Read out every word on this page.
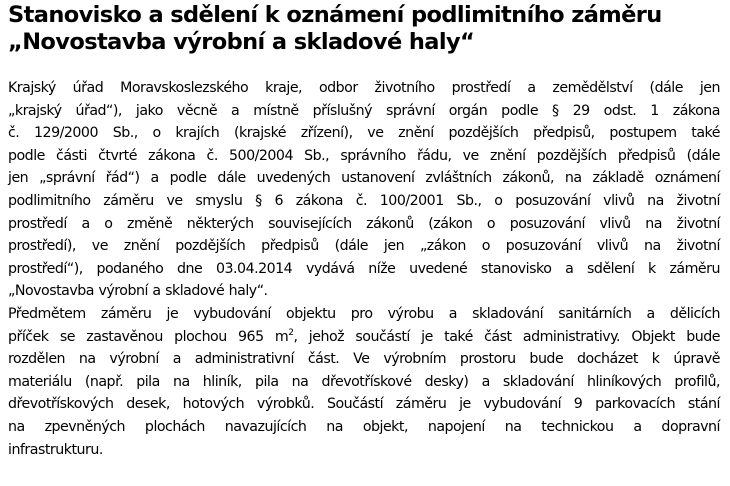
Stanovisko a sdělení k oznámení podlimitního záměru
„Novostavba výrobní a skladové haly“

Krajský úřad Moravskoslezského kraje, odbor životního prostředí a zemědělství (dále jen
„krajský úřad“), jako věcně a místně příslušný správní orgán podle § 29 odst. 1 zákona
č. 129/2000 Sb., o krajích (krajské zřízení), ve znění pozdějších předpisů, postupem také
podle části čtvrté zákona č. 500/2004 Sb., správního řádu, ve znění pozdějších předpisů (dále
jen „správní řád“) a podle dále uvedených ustanovení zvláštních zákonů, na základě oznámení
podlimitního záměru ve smyslu § 6 zákona č. 100/2001 Sb., o posuzování vlivů na životní
prostředí a o změně některých souvisejících zákonů (zákon o posuzování vlivů na životní
prostředí), ve znění pozdějších předpisů (dále jen „zákon o posuzování vlivů na životní
prostředí“), podaného dne 03.04.2014 vydává níže uvedené stanovisko a sdělení k záměru
„Novostavba výrobní a skladové haly“.

Předmětem záměru je vybudování objektu pro výrobu a skladování sanitárních a dělicích
příček se zastavěnou plochou 965 $m^2$, jehož součástí je také část administrativy. Objekt bude
rozdělen na výrobní a administrativní část. Ve výrobním prostoru bude docházet k úpravě
materiálu (např. pila na hliník, pila na dřevotřískové desky) a skladování hliníkových profilů,
dřevotřískových desek, hotových výrobků. Součástí záměru je vybudování 9 parkovacích stání
na zpevněných plochách navazujících na objekt, napojení na technickou a dopravní
infrastrukturu.
